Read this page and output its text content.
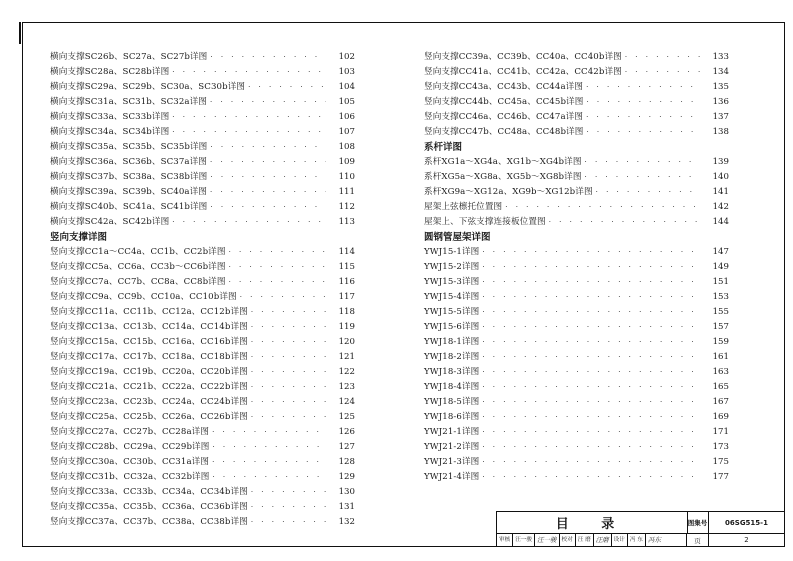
横向支撑SC26b、SC27a、SC27b详图 · · ·	102
横向支撑SC28a、SC28b详图 · · ·	103
横向支撑SC29a、SC29b、SC30a、SC30b详图 · · ·	104
横向支撑SC31a、SC31b、SC32a详图 · · ·	105
横向支撑SC33a、SC33b详图 · · ·	106
横向支撑SC34a、SC34b详图 · · ·	107
横向支撑SC35a、SC35b、SC35b详图 · · ·	108
横向支撑SC36a、SC36b、SC37a详图 · · ·	109
横向支撑SC37b、SC38a、SC38b详图 · · ·	110
横向支撑SC39a、SC39b、SC40a详图 · · ·	111
横向支撑SC40b、SC41a、SC41b详图 · · ·	112
横向支撑SC42a、SC42b详图 · · ·	113
竖向支撑详图
竖向支撑CC1a～CC4a、CC1b、CC2b详图 · · ·	114
竖向支撑CC5a、CC6a、CC3b～CC6b详图 · · ·	115
竖向支撑CC7a、CC7b、CC8a、CC8b详图 · · ·	116
竖向支撑CC9a、CC9b、CC10a、CC10b详图 · · ·	117
竖向支撑CC11a、CC11b、CC12a、CC12b详图 · · ·	118
竖向支撑CC13a、CC13b、CC14a、CC14b详图 · · ·	119
竖向支撑CC15a、CC15b、CC16a、CC16b详图 · · ·	120
竖向支撑CC17a、CC17b、CC18a、CC18b详图 · · ·	121
竖向支撑CC19a、CC19b、CC20a、CC20b详图 · · ·	122
竖向支撑CC21a、CC21b、CC22a、CC22b详图 · · ·	123
竖向支撑CC23a、CC23b、CC24a、CC24b详图 · · ·	124
竖向支撑CC25a、CC25b、CC26a、CC26b详图 · · ·	125
竖向支撑CC27a、CC27b、CC28a详图 · · ·	126
竖向支撑CC28b、CC29a、CC29b详图 · · ·	127
竖向支撑CC30a、CC30b、CC31a详图 · · ·	128
竖向支撑CC31b、CC32a、CC32b详图 · · ·	129
竖向支撑CC33a、CC33b、CC34a、CC34b详图 · · ·	130
竖向支撑CC35a、CC35b、CC36a、CC36b详图 · · ·	131
竖向支撑CC37a、CC37b、CC38a、CC38b详图 · · ·	132
竖向支撑CC39a、CC39b、CC40a、CC40b详图 · · ·	133
竖向支撑CC41a、CC41b、CC42a、CC42b详图 · · ·	134
竖向支撑CC43a、CC43b、CC44a详图 · · ·	135
竖向支撑CC44b、CC45a、CC45b详图 · · ·	136
竖向支撑CC46a、CC46b、CC47a详图 · · ·	137
竖向支撑CC47b、CC48a、CC48b详图 · · ·	138
系杆详图
系杆XG1a～XG4a、XG1b～XG4b详图 · · ·	139
系杆XG5a～XG8a、XG5b～XG8b详图 · · ·	140
系杆XG9a～XG12a、XG9b～XG12b详图 · · ·	141
屋架上弦檩托位置图 · · ·	142
屋架上、下弦支撑连接板位置图 · · ·	144
圆钢管屋架详图
YWJ15-1详图 · · ·	147
YWJ15-2详图 · · ·	149
YWJ15-3详图 · · ·	151
YWJ15-4详图 · · ·	153
YWJ15-5详图 · · ·	155
YWJ15-6详图 · · ·	157
YWJ18-1详图 · · ·	159
YWJ18-2详图 · · ·	161
YWJ18-3详图 · · ·	163
YWJ18-4详图 · · ·	165
YWJ18-5详图 · · ·	167
YWJ18-6详图 · · ·	169
YWJ21-1详图 · · ·	171
YWJ21-2详图 · · ·	173
YWJ21-3详图 · · ·	175
YWJ21-4详图 · · ·	177
目 录	图集号	06SG515-1
审核 汪一骏 汪一骏 校对 汪 磨 汪磨 设计 冯 东 冯东	页	2
